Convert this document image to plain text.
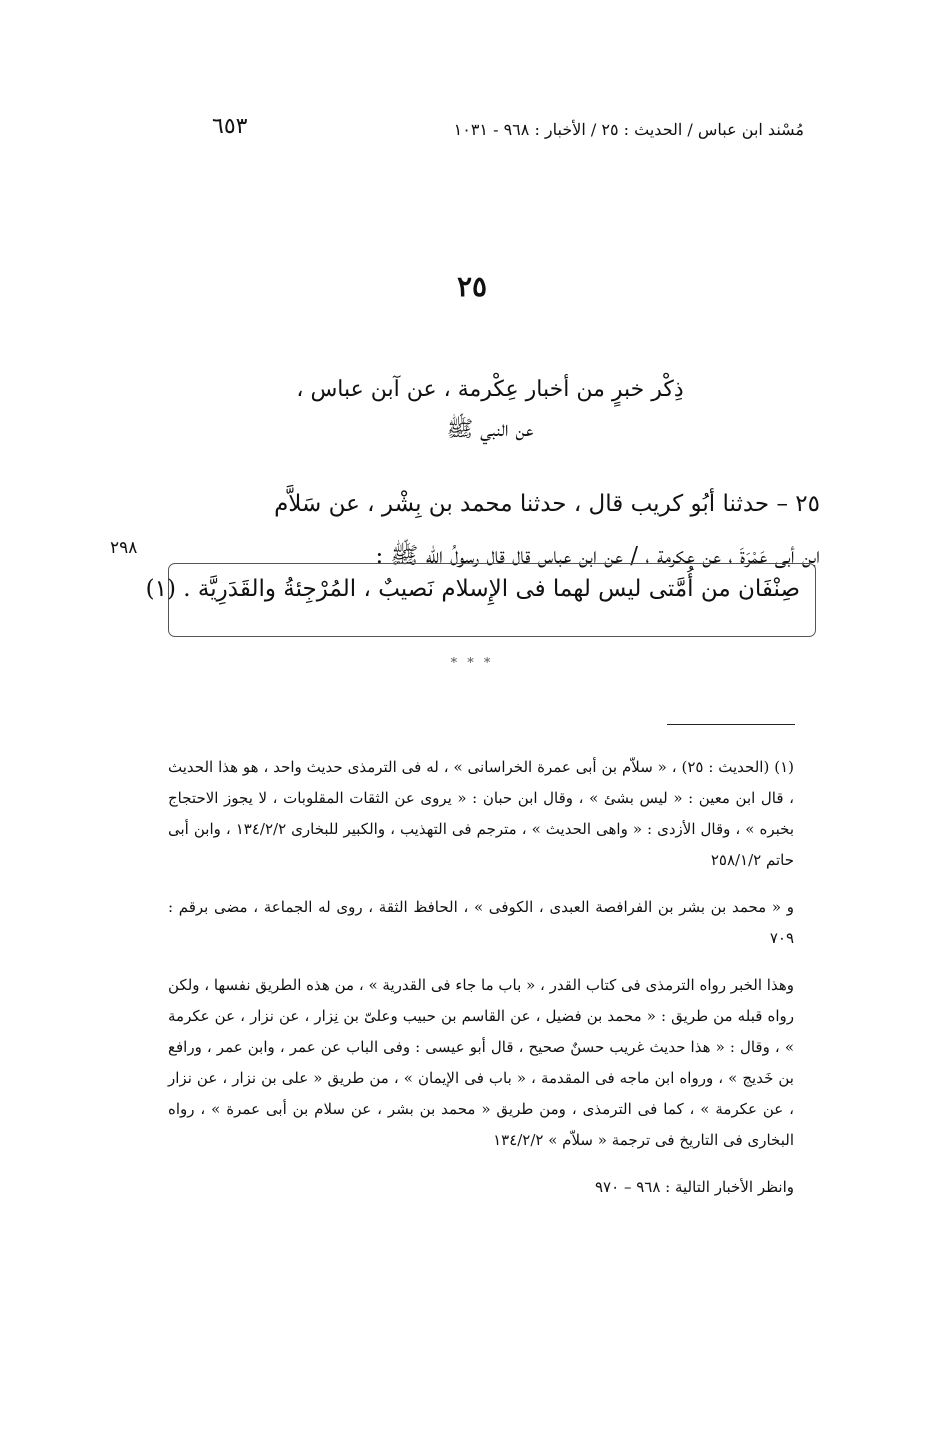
مُسْند ابن عباس / الحديث : ٢٥ / الأخبار : ٩٦٨ - ١٠٣١
٦٥٣
٢٥
ذِكْر خبرٍ من أخبار عِكْرمة ، عن آبن عباس ،
عن النبي ﷺ
٢٥ – حدثنا أبُو كريب قال ، حدثنا محمد بن بِشْر ، عن سَلاَّم
ابن أبى عَمْرَةَ ، عن عكرمة ، / عن ابن عباس قال قال رسولُ الله ﷺ :
٢٩٨
صِنْفَان من أُمَّتى ليس لهما فى الإِسلام نَصيبٌ ، المُرْجِئةُ والقَدَرِيَّة . (١)
* * *

(١) (الحديث : ٢٥) ، « سلاّم بن أبى عمرة الخراسانى » ، له فى الترمذى حديث واحد ، هو هذا الحديث ، قال ابن معين : « ليس بشئ » ، وقال ابن حبان : « يروى عن الثقات المقلوبات ، لا يجوز الاحتجاج بخبره » ، وقال الأزدى : « واهى الحديث » ، مترجم فى التهذيب ، والكبير للبخارى ١٣٤/٢/٢ ، وابن أبى حاتم ٢٥٨/١/٢

و « محمد بن بشر بن الفرافصة العبدى ، الكوفى » ، الحافظ الثقة ، روى له الجماعة ، مضى برقم : ٧٠٩

وهذا الخبر رواه الترمذى فى كتاب القدر ، « باب ما جاء فى القدرية » ، من هذه الطريق نفسها ، ولكن رواه قبله من طريق : « محمد بن فضيل ، عن القاسم بن حبيب وعلىّ بن نِزار ، عن نزار ، عن عكرمة » ، وقال : « هذا حديث غريب حسنٌ صحيح ، قال أبو عيسى : وفى الباب عن عمر ، وابن عمر ، ورافع بن خَديج » ، ورواه ابن ماجه فى المقدمة ، « باب فى الإيمان » ، من طريق « على بن نزار ، عن نزار ، عن عكرمة » ، كما فى الترمذى ، ومن طريق « محمد بن بشر ، عن سلام بن أبى عمرة » ، رواه البخارى فى التاريخ فى ترجمة « سلاّم » ١٣٤/٢/٢

وانظر الأخبار التالية : ٩٦٨ – ٩٧٠
